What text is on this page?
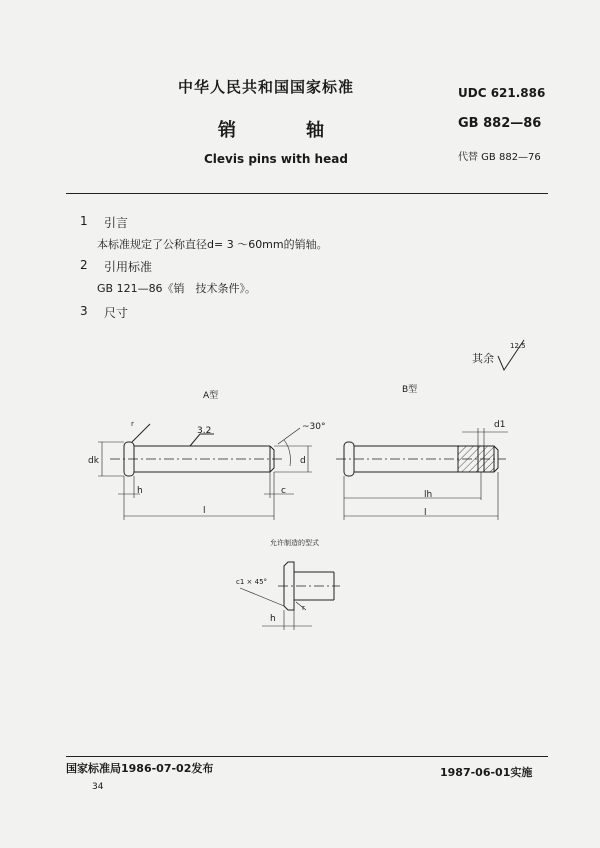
中华人民共和国国家标准	UDC 621.886
销　轴	GB 882—86
Clevis pins with head	代替 GB 882—76
1 引言
本标准规定了公称直径d= 3 ～60mm的销轴。
2 引用标准
GB 121—86《销　技术条件》。
3 尺寸
其余
12.5
A型
B型
3.2	~30°
dk	d
h	c
l
d1
lh
l
r
允许制造的型式
c1 × 45°
r
h
国家标准局1986-07-02发布	1987-06-01实施
34
